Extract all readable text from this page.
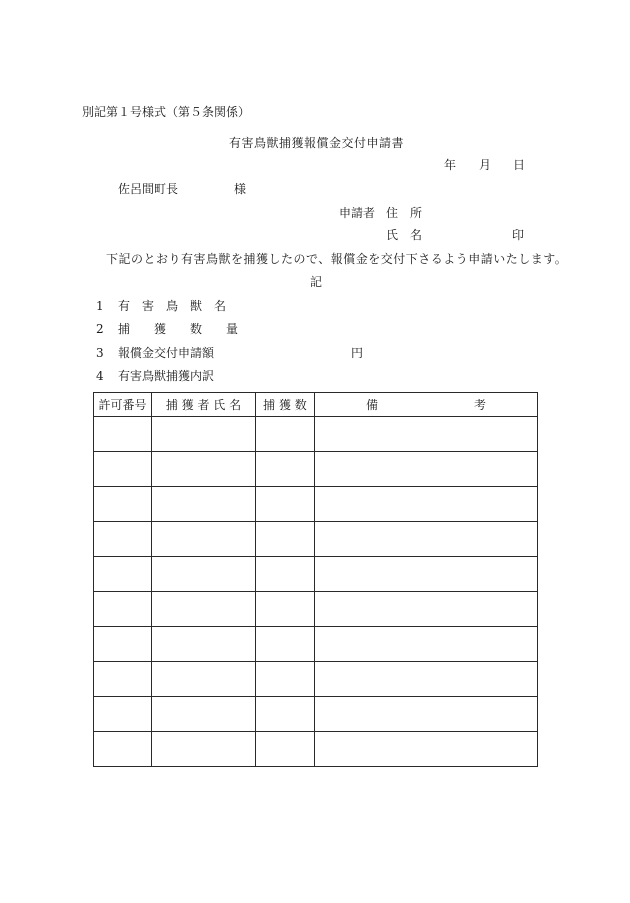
別記第１号様式（第５条関係）
有害鳥獣捕獲報償金交付申請書
年 月 日
佐呂間町長	様
申請者 住　所
氏　名	印
下記のとおり有害鳥獣を捕獲したので、報償金を交付下さるよう申請いたします。
記
1 有　害　鳥　獣　名
2 捕　　獲　　数　　量
3 報償金交付申請額	円
4 有害鳥獣捕獲内訳
許可番号	捕 獲 者 氏 名	捕 獲 数	備　　　　　　　　考
